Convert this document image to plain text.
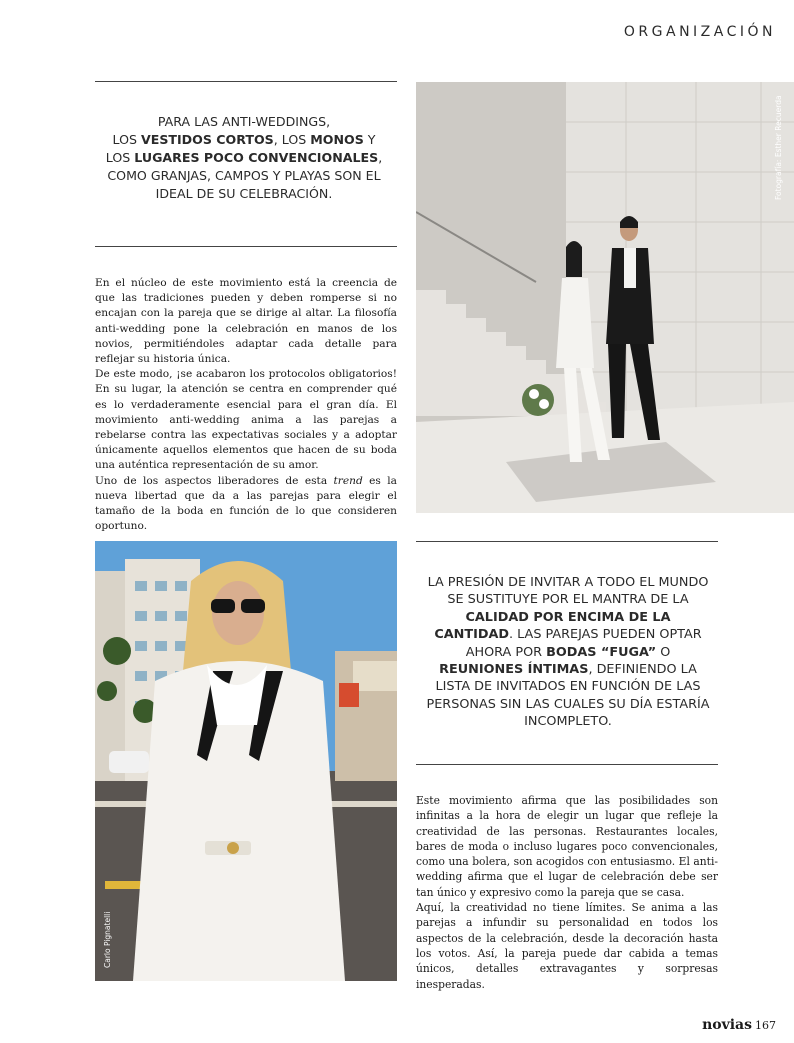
ORGANIZACIÓN
PARA LAS ANTI-WEDDINGS,
LOS VESTIDOS CORTOS, LOS MONOS Y LOS LUGARES POCO CONVENCIONALES, COMO GRANJAS, CAMPOS Y PLAYAS SON EL IDEAL DE SU CELEBRACIÓN.

En el núcleo de este movimiento está la creencia de que las tradiciones pueden y deben romperse si no encajan con la pareja que se dirige al altar. La filosofía anti-wedding pone la celebración en manos de los novios, permitiéndoles adaptar cada detalle para reflejar su historia única.

De este modo, ¡se acabaron los protocolos obligatorios! En su lugar, la atención se centra en comprender qué es lo verdaderamente esencial para el gran día. El movimiento anti-wedding anima a las parejas a rebelarse contra las expectativas sociales y a adoptar únicamente aquellos elementos que hacen de su boda una auténtica representación de su amor.

Uno de los aspectos liberadores de esta trend es la nueva libertad que da a las parejas para elegir el tamaño de la boda en función de lo que consideren oportuno.

Fotografía: Esther Recuerda
Carlo Pignatelli
LA PRESIÓN DE INVITAR A TODO EL MUNDO SE SUSTITUYE POR EL MANTRA DE LA CALIDAD POR ENCIMA DE LA CANTIDAD. LAS PAREJAS PUEDEN OPTAR AHORA POR BODAS “FUGA” O REUNIONES ÍNTIMAS, DEFINIENDO LA LISTA DE INVITADOS EN FUNCIÓN DE LAS PERSONAS SIN LAS CUALES SU DÍA ESTARÍA INCOMPLETO.

Este movimiento afirma que las posibilidades son infinitas a la hora de elegir un lugar que refleje la creatividad de las personas. Restaurantes locales, bares de moda o incluso lugares poco convencionales, como una bolera, son acogidos con entusiasmo. El anti-wedding afirma que el lugar de celebración debe ser tan único y expresivo como la pareja que se casa.

Aquí, la creatividad no tiene límites. Se anima a las parejas a infundir su personalidad en todos los aspectos de la celebración, desde la decoración hasta los votos. Así, la pareja puede dar cabida a temas únicos, detalles extravagantes y sorpresas inesperadas.

novias 167
